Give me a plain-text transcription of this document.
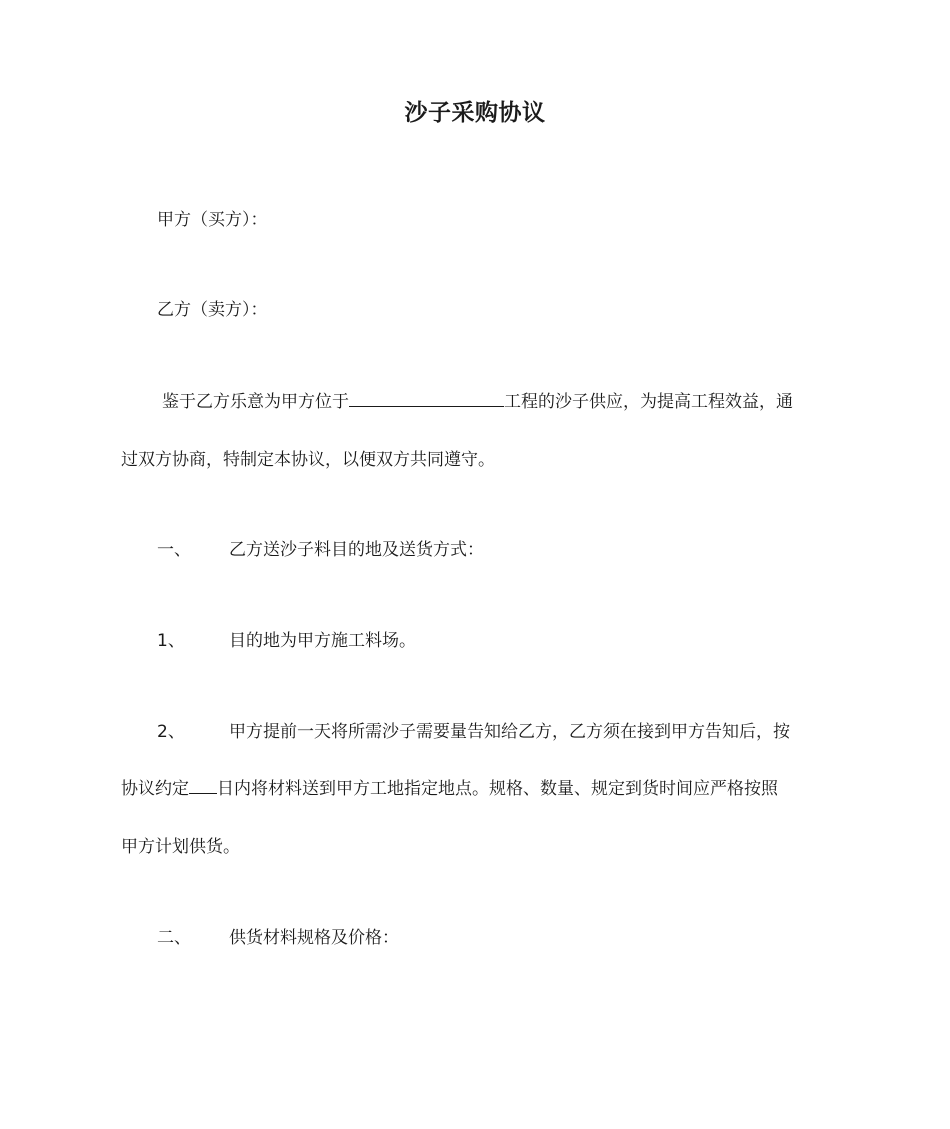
沙子采购协议
甲方（买方）：
乙方（卖方）：
鉴于乙方乐意为甲方位于	工程的沙子供应，为提高工程效益，通
过双方协商，特制定本协议，以便双方共同遵守。
一、 乙方送沙子料目的地及送货方式：
1、	目的地为甲方施工料场。
2、	甲方提前一天将所需沙子需要量告知给乙方，乙方须在接到甲方告知后，按
协议约定 日内将材料送到甲方工地指定地点。规格、数量、规定到货时间应严格按照
甲方计划供货。
二、 供货材料规格及价格：
